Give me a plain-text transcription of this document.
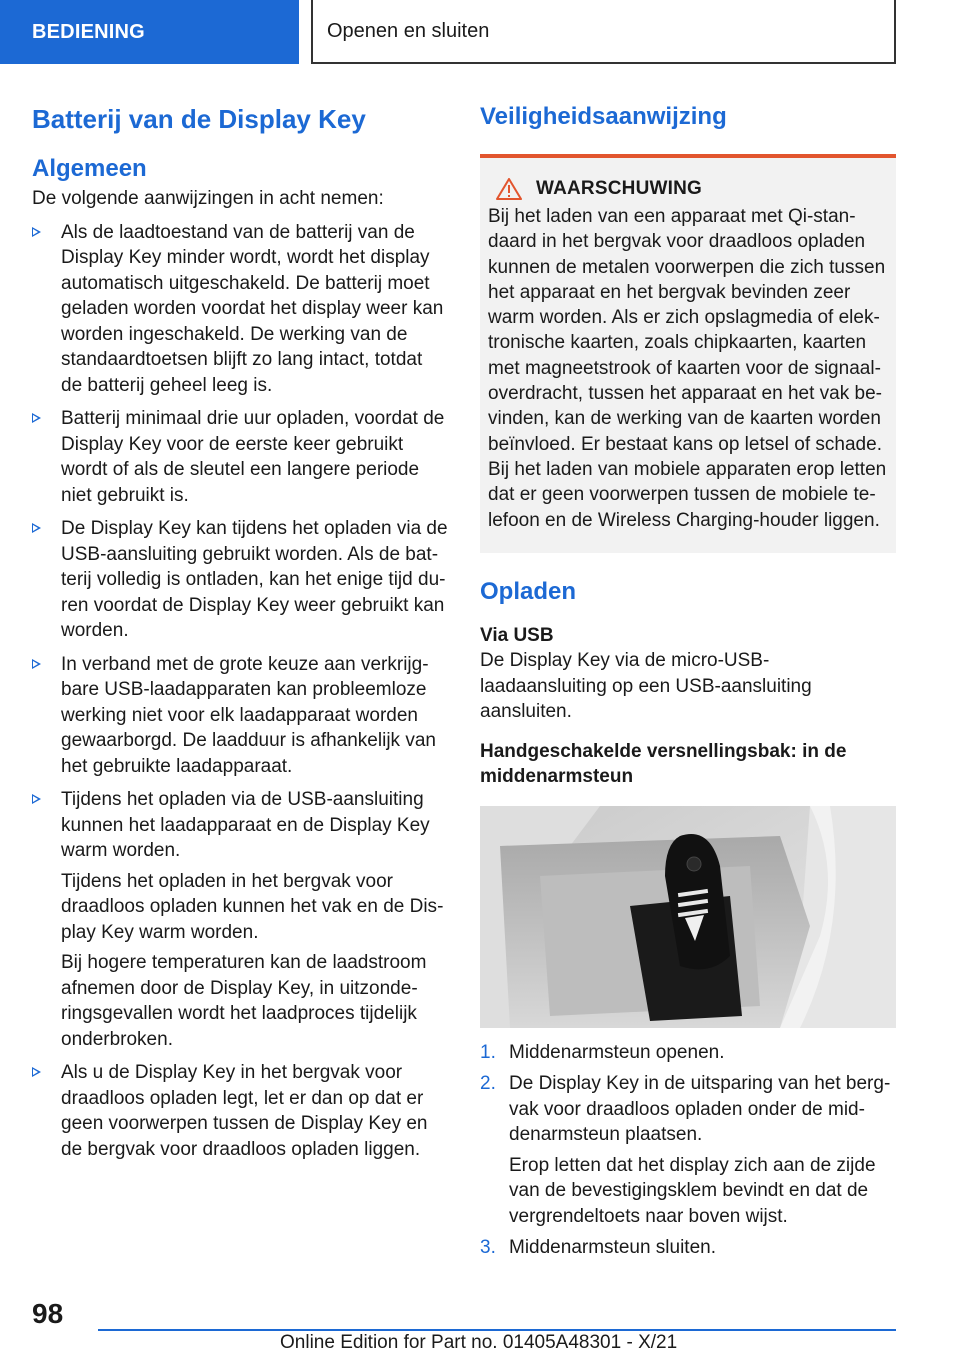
BEDIENING	Openen en sluiten
Batterij van de Display Key
Algemeen
De volgende aanwijzingen in acht nemen:

Als de laadtoestand van de batterij van de Display Key minder wordt, wordt het display automatisch uitgeschakeld. De batterij moet geladen worden voordat het display weer kan worden ingeschakeld. De werking van de standaardtoetsen blijft zo lang intact, totdat de batterij geheel leeg is.

Batterij minimaal drie uur opladen, voordat de Display Key voor de eerste keer gebruikt wordt of als de sleutel een langere periode niet gebruikt is.

De Display Key kan tijdens het opladen via de USB-aansluiting gebruikt worden. Als de batterij volledig is ontladen, kan het enige tijd duren voordat de Display Key weer gebruikt kan worden.

In verband met de grote keuze aan verkrijgbare USB-laadapparaten kan probleemloze werking niet voor elk laadapparaat worden gewaarborgd. De laadduur is afhankelijk van het gebruikte laadapparaat.

Tijdens het opladen via de USB-aansluiting kunnen het laadapparaat en de Display Key warm worden.

Tijdens het opladen in het bergvak voor draadloos opladen kunnen het vak en de Display Key warm worden.

Bij hogere temperaturen kan de laadstroom afnemen door de Display Key, in uitzonderingsgevallen wordt het laadproces tijdelijk onderbroken.

Als u de Display Key in het bergvak voor draadloos opladen legt, let er dan op dat er geen voorwerpen tussen de Display Key en de bergvak voor draadloos opladen liggen.

Veiligheidsaanwijzing
WAARSCHUWING
Bij het laden van een apparaat met Qi-standaard in het bergvak voor draadloos opladen kunnen de metalen voorwerpen die zich tussen het apparaat en het bergvak bevinden zeer warm worden. Als er zich opslagmedia of elektronische kaarten, zoals chipkaarten, kaarten met magneetstrook of kaarten voor de signaaloverdracht, tussen het apparaat en het vak bevinden, kan de werking van de kaarten worden beïnvloed. Er bestaat kans op letsel of schade. Bij het laden van mobiele apparaten erop letten dat er geen voorwerpen tussen de mobiele telefoon en de Wireless Charging-houder liggen.
Opladen
Via USB
De Display Key via de micro-USB-laadaansluiting op een USB-aansluiting aansluiten.
Handgeschakelde versnellingsbak: in de middenarmsteun
1. Middenarmsteun openen.

2. De Display Key in de uitsparing van het bergvak voor draadloos opladen onder de middenarmsteun plaatsen.

Erop letten dat het display zich aan de zijde van de bevestigingsklem bevindt en dat de vergrendeltoets naar boven wijst.

3. Middenarmsteun sluiten.

98
Online Edition for Part no. 01405A48301 - X/21
